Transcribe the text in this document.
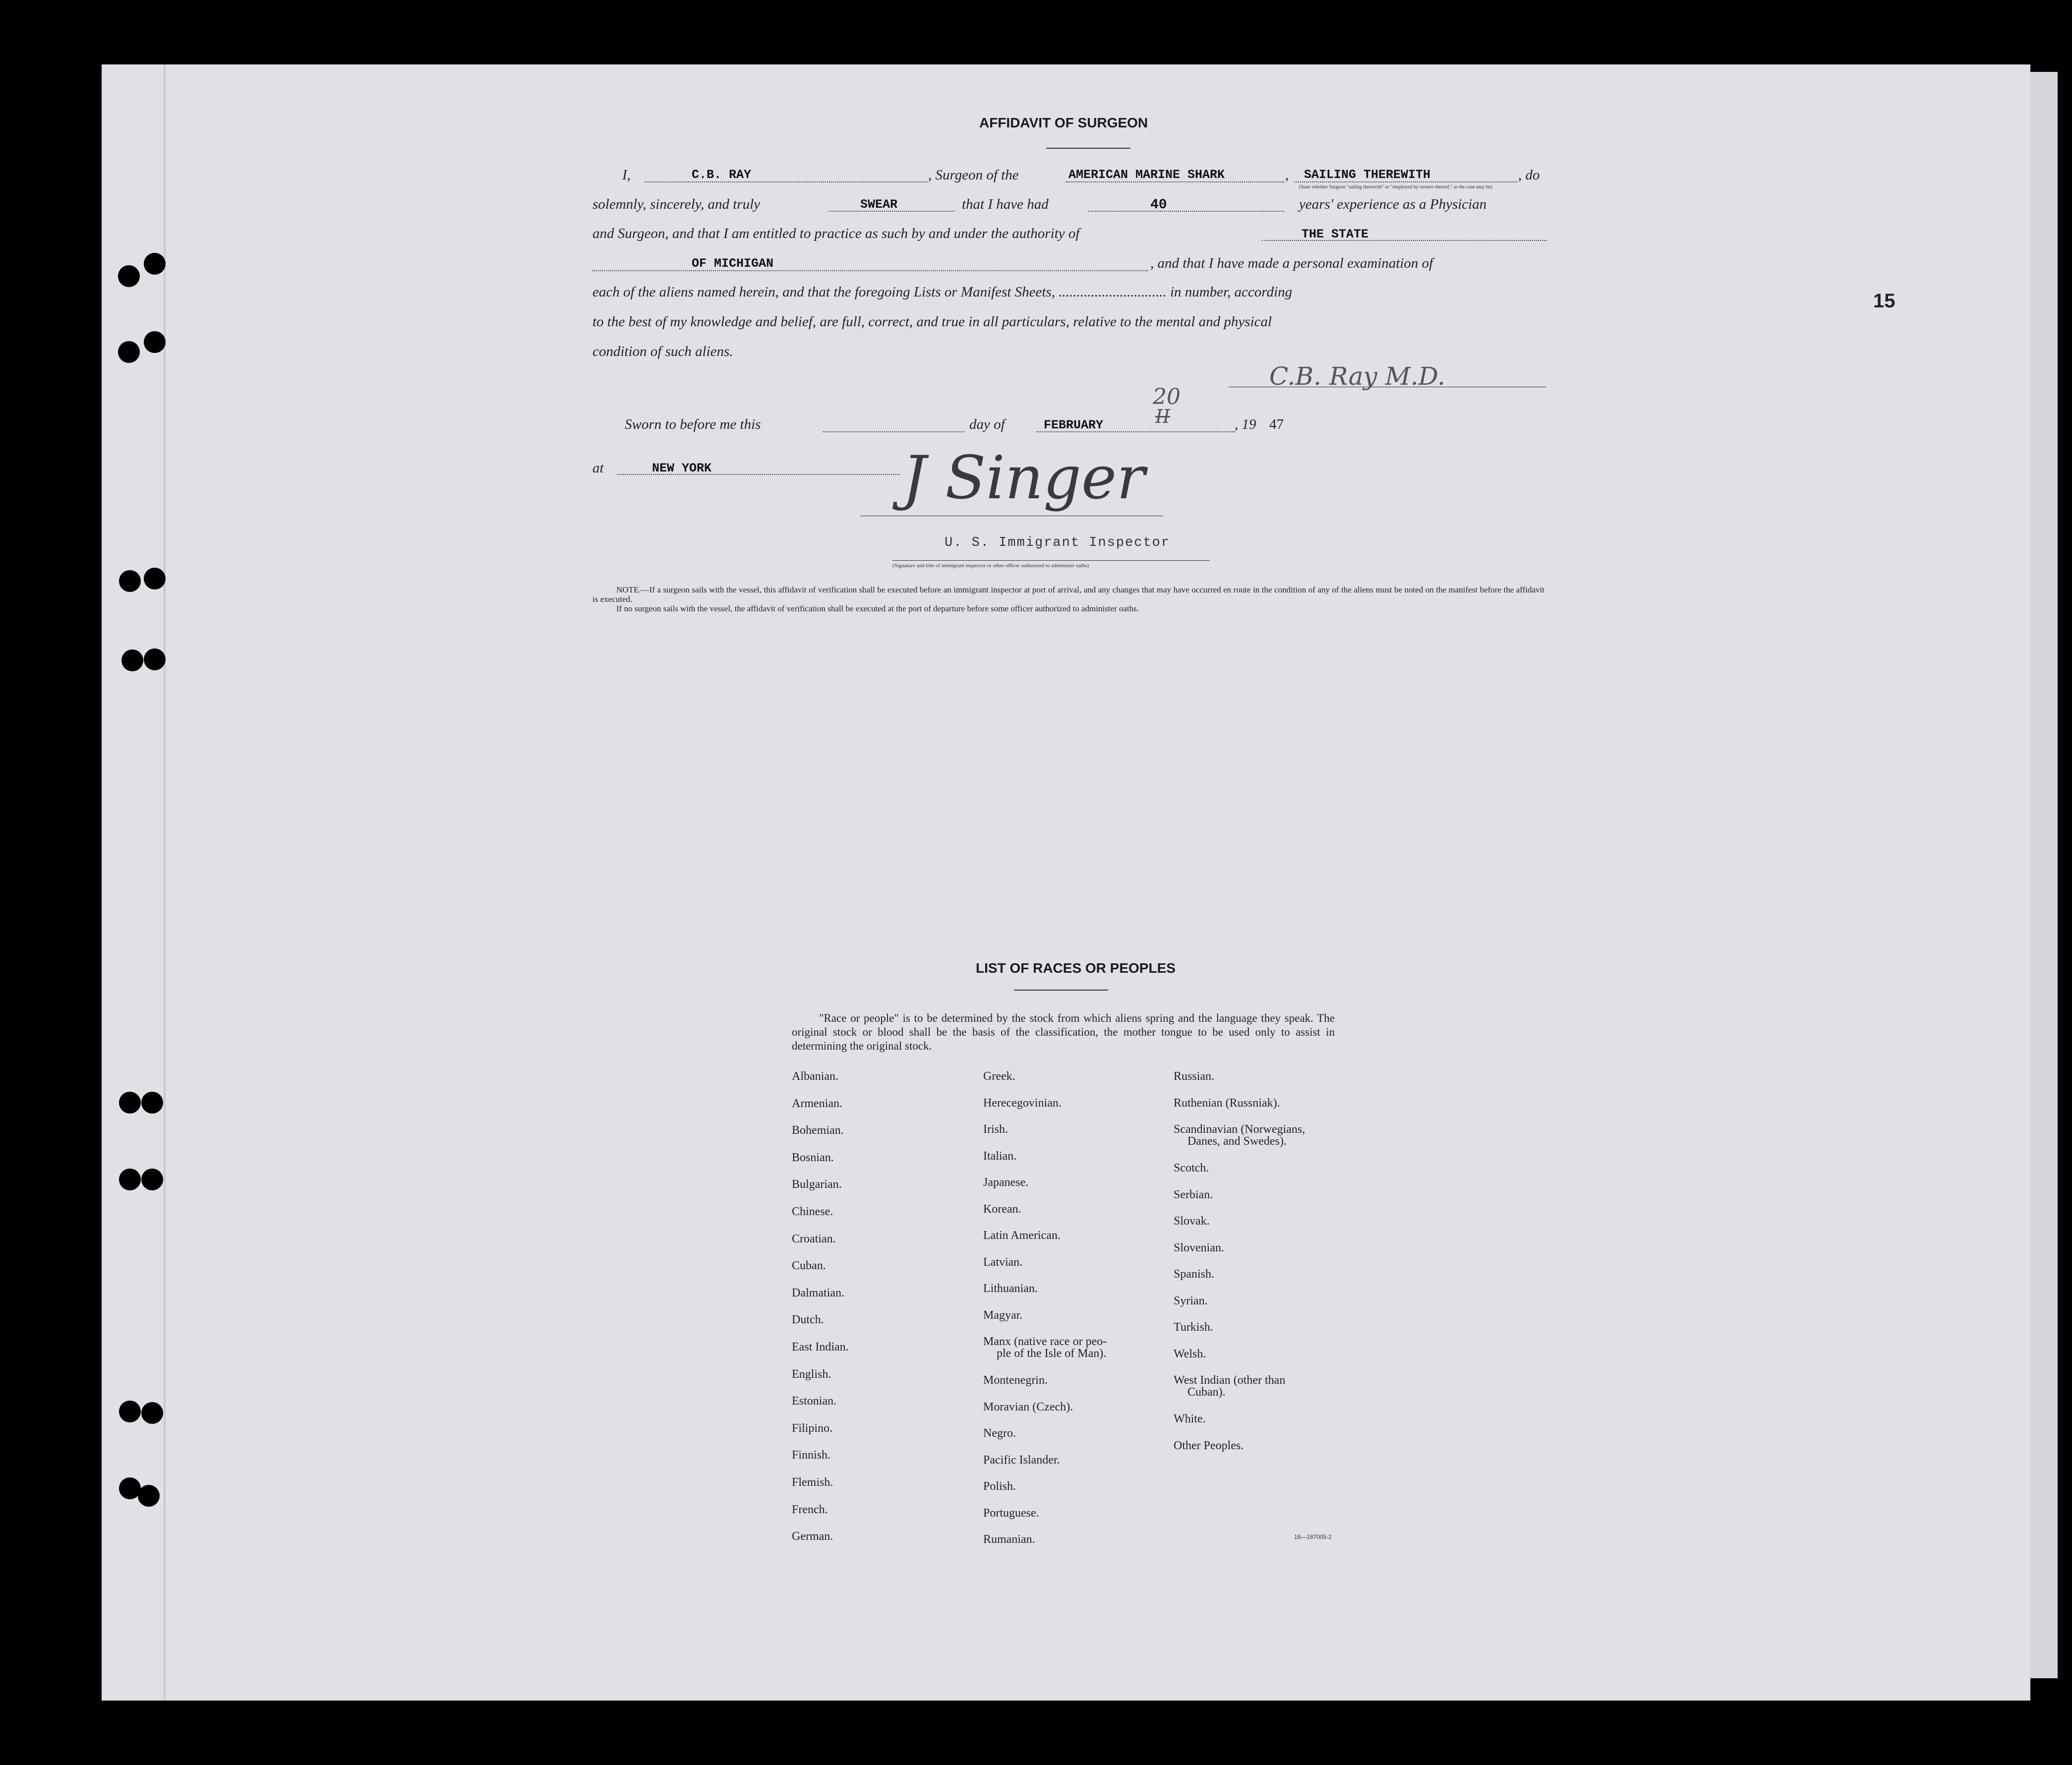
15
AFFIDAVIT OF SURGEON
I,	C.B. RAY	, Surgeon of the	AMERICAN MARINE SHARK	, SAILING THEREWITH	, do
(State whether Surgeon "sailing therewith" or "employed by owners thereof," as the case may be)
solemnly, sincerely, and truly	SWEAR	that I have had	40	years' experience as a Physician
and Surgeon, and that I am entitled to practice as such by and under the authority of	THE STATE
OF MICHIGAN	, and that I have made a personal examination of
each of the aliens named herein, and that the foregoing Lists or Manifest Sheets, .............................. in number, according
to the best of my knowledge and belief, are full, correct, and true in all particulars, relative to the mental and physical
condition of such aliens.
C.B. Ray M.D.
Sworn to before me this	day of	FEBRUARY
20
II	, 19 47
at	NEW YORK	J Singer
U. S. Immigrant Inspector
(Signature and title of immigrant inspector or other officer authorized to administer oaths)
NOTE.—If a surgeon sails with the vessel, this affidavit of verification shall be executed before an immigrant inspector at port of arrival, and any changes that may have occurred en route in the condition of any of the aliens must be noted on the manifest before the affidavit is executed.
If no surgeon sails with the vessel, the affidavit of verification shall be executed at the port of departure before some officer authorized to administer oaths.
LIST OF RACES OR PEOPLES
"Race or people" is to be determined by the stock from which aliens spring and the language they speak. The original stock or blood shall be the basis of the classification, the mother tongue to be used only to assist in determining the original stock.
Albanian.
Armenian.
Bohemian.
Bosnian.
Bulgarian.
Chinese.
Croatian.
Cuban.
Dalmatian.
Dutch.
East Indian.
English.
Estonian.
Filipino.
Finnish.
Flemish.
French.
German.
Greek.
Herecegovinian.
Irish.
Italian.
Japanese.
Korean.
Latin American.
Latvian.
Lithuanian.
Magyar.
Manx (native race or peo-
ple of the Isle of Man).
Montenegrin.
Moravian (Czech).
Negro.
Pacific Islander.
Polish.
Portuguese.
Rumanian.
Russian.
Ruthenian (Russniak).
Scandinavian (Norwegians,
Danes, and Swedes).
Scotch.
Serbian.
Slovak.
Slovenian.
Spanish.
Syrian.
Turkish.
Welsh.
West Indian (other than
Cuban).
White.
Other Peoples.
16—187005-2
